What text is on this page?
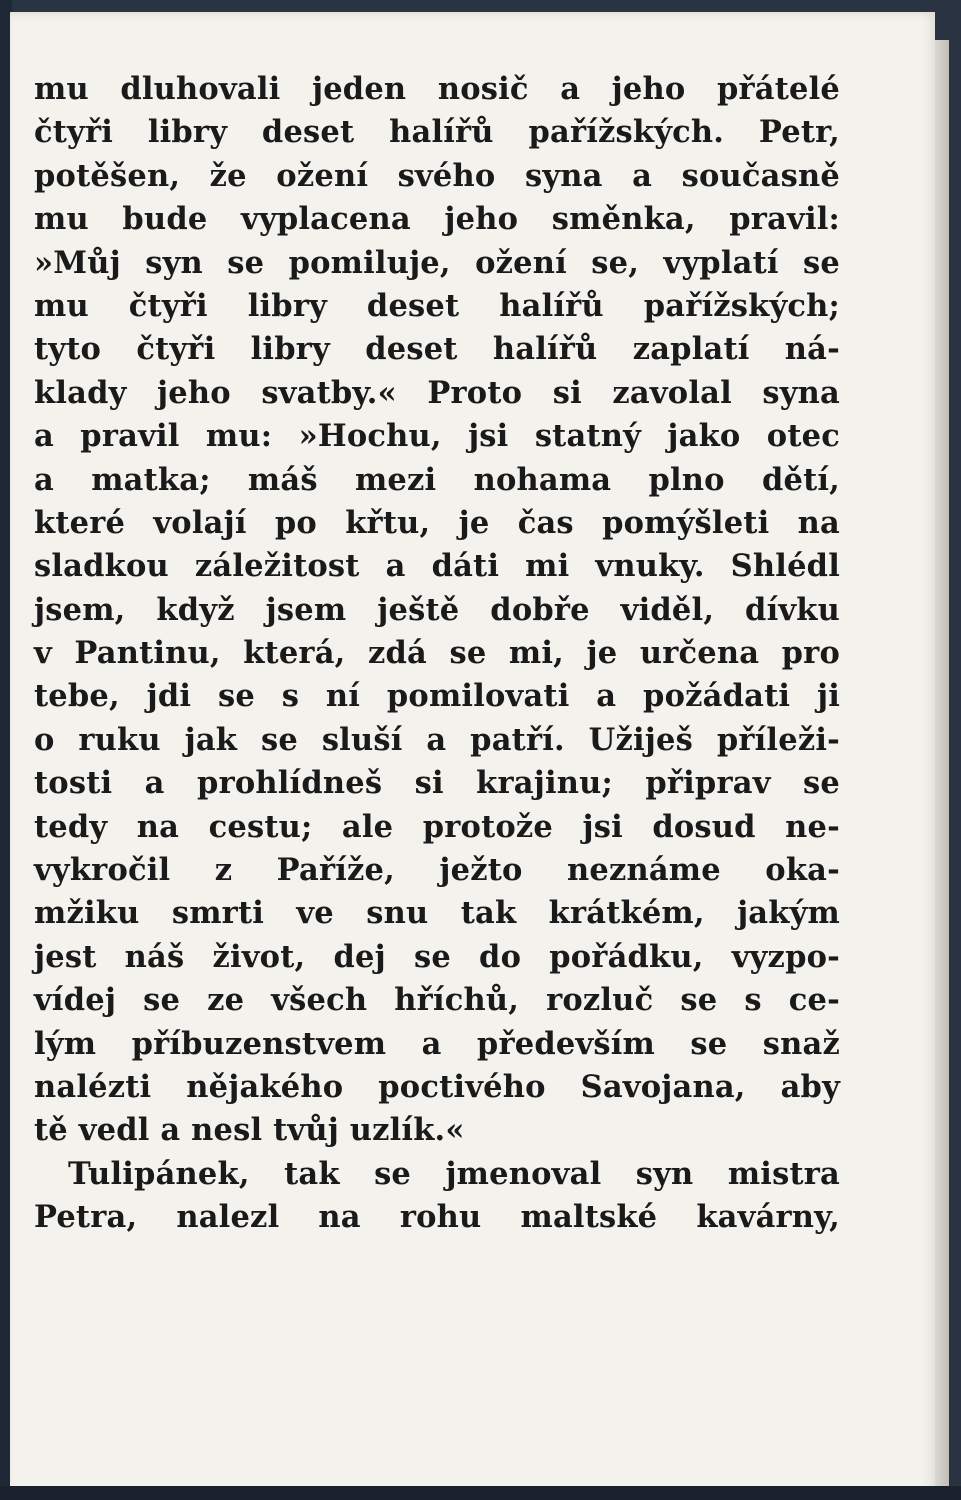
mu dluhovali jeden nosič a jeho přátelé
čtyři libry deset halířů pařížských. Petr,
potěšen, že ožení svého syna a současně
mu bude vyplacena jeho směnka, pravil:
»Můj syn se pomiluje, ožení se, vyplatí se
mu čtyři libry deset halířů pařížských;
tyto čtyři libry deset halířů zaplatí ná-
klady jeho svatby.« Proto si zavolal syna
a pravil mu: »Hochu, jsi statný jako otec
a matka; máš mezi nohama plno dětí,
které volají po křtu, je čas pomýšleti na
sladkou záležitost a dáti mi vnuky. Shlédl
jsem, když jsem ještě dobře viděl, dívku
v Pantinu, která, zdá se mi, je určena pro
tebe, jdi se s ní pomilovati a požádati ji
o ruku jak se sluší a patří. Užiješ příleži-
tosti a prohlídneš si krajinu; připrav se
tedy na cestu; ale protože jsi dosud ne-
vykročil z Paříže, ježto neznáme oka-
mžiku smrti ve snu tak krátkém, jakým
jest náš život, dej se do pořádku, vyzpo-
vídej se ze všech hříchů, rozluč se s ce-
lým příbuzenstvem a především se snaž
nalézti nějakého poctivého Savojana, aby
tě vedl a nesl tvůj uzlík.«
Tulipánek, tak se jmenoval syn mistra
Petra, nalezl na rohu maltské kavárny,
